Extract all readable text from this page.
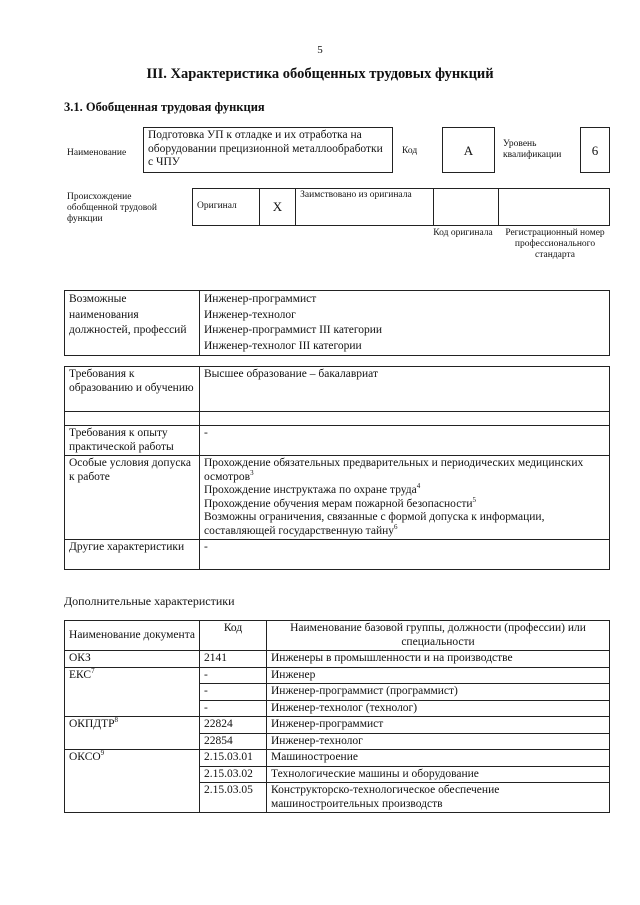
5
III. Характеристика обобщенных трудовых функций
3.1. Обобщенная трудовая функция
Наименование
Подготовка УП к отладке и их отработка на оборудовании прецизионной металлообработки с ЧПУ
Код	А	Уровень квалификации	6
Происхождение обобщенной трудовой функции
Оригинал	Х	Заимствовано из оригинала		
Код оригинала	Регистрационный номер профессионального стандарта
Возможные наименования должностей, профессий	
Инженер-программист
Инженер-технолог
Инженер-программист III категории
Инженер-технолог III категории
Требования к образованию и обучению	Высшее образование – бакалавриат

Требования к опыту практической работы	-
Особые условия допуска к работе	Прохождение обязательных предварительных и периодических медицинских осмотров$^3$
Прохождение инструктажа по охране труда$^4$
Прохождение обучения мерам пожарной безопасности$^5$
Возможны ограничения, связанные с формой допуска к информации, составляющей государственную тайну$^6$

Другие характеристики	-
Дополнительные характеристики
Наименование документа	Код	Наименование базовой группы, должности (профессии) или специальности
ОКЗ	2141	Инженеры в промышленности и на производстве
ЕКС$^7$	-	Инженер
	-	Инженер-программист (программист)
	-	Инженер-технолог (технолог)
ОКПДТР$^8$	22824	Инженер-программист
	22854	Инженер-технолог
ОКСО$^9$	2.15.03.01	Машиностроение
	2.15.03.02	Технологические машины и оборудование
	2.15.03.05	Конструкторско-технологическое обеспечение машиностроительных производств
